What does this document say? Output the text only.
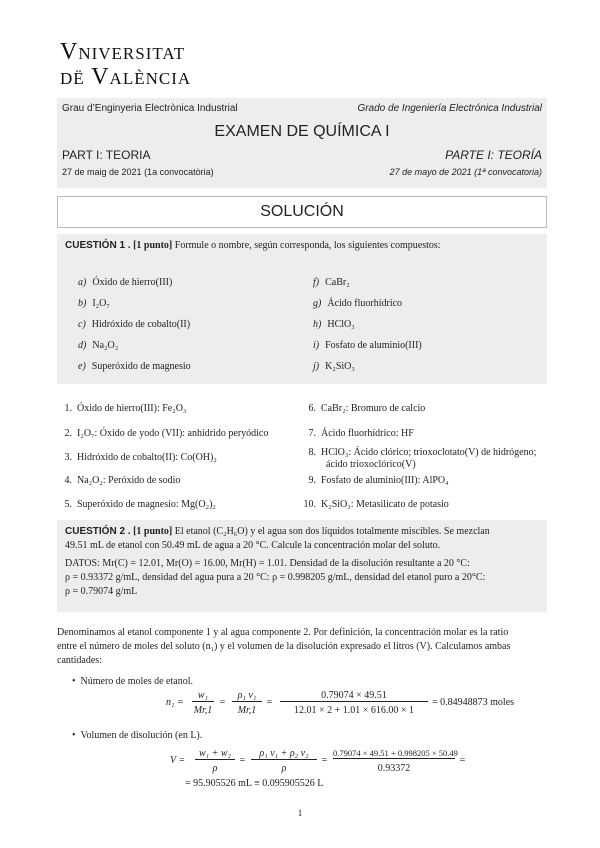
Vniversitat
dë València
Grau d’Enginyeria Electrònica Industrial	Grado de Ingeniería Electrónica Industrial
EXAMEN DE QUÍMICA I
PART I: TEORIA	PARTE I: TEORÍA
27 de maig de 2021 (1a convocatòria)	27 de mayo de 2021 (1ª convocatoria)
SOLUCIÓN
CUESTIÓN 1 . [1 punto] Formule o nombre, según corresponda, los siguientes compuestos:
a) Óxido de hierro(III)
b) I₂O₇
c) Hidróxido de cobalto(II)
d) Na₂O₂
e) Superóxido de magnesio
f) CaBr₂
g) Ácido fluorhídrico
h) HClO₃
i) Fosfato de aluminio(III)
j) K₂SiO₃
1. Óxido de hierro(III): Fe₂O₃
2. I₂O₇: Óxido de yodo (VII): anhídrido peryódico
3. Hidróxido de cobalto(II): Co(OH)₂
4. Na₂O₂: Peróxido de sodio
5. Superóxido de magnesio: Mg(O₂)₂
6. CaBr₂: Bromuro de calcio
7. Ácido fluorhídrico: HF
8. HClO₃: Ácido clórico; trioxoclotato(V) de hidrógeno;
9. Fosfato de aluminio(III): AlPO₄
10. K₂SiO₃: Metasilicato de potasio
ácido trioxoclórico(V)
CUESTIÓN 2 . [1 punto] El etanol (C₂H₆O) y el agua son dos líquidos totalmente miscibles. Se mezclan
49.51 mL de etanol con 50.49 mL de agua a 20 °C. Calcule la concentración molar del soluto.
DATOS: Mr(C) = 12.01, Mr(O) = 16.00, Mr(H) = 1.01. Densidad de la disolución resultante a 20 °C:
ρ = 0.93372 g/mL, densidad del agua pura a 20 °C: ρ = 0.998205 g/mL, densidad del etanol puro a 20°C:
ρ = 0.79074 g/mL
Denominamos al etanol componente 1 y al agua componente 2. Por definición, la concentración molar es la ratio
entre el número de moles del soluto (n₁) y el volumen de la disolución expresado el litros (V). Calculamos ambas
cantidades:
•  Número de moles de etanol.
n₁ =
w₁
Mr,1
=
ρ₁ v₁
Mr,1
=
0.79074 × 49.51
12.01 × 2 + 1.01 × 616.00 × 1
= 0.84948873 moles
•  Volumen de disolución (en L).
V =
w₁ + w₂
ρ
=
ρ₁ v₁ + ρ₂ v₂
ρ
=
0.79074 × 49.51 + 0.998205 × 50.49
0.93372
=
= 95.905526 mL ≡ 0.095905526 L
1
